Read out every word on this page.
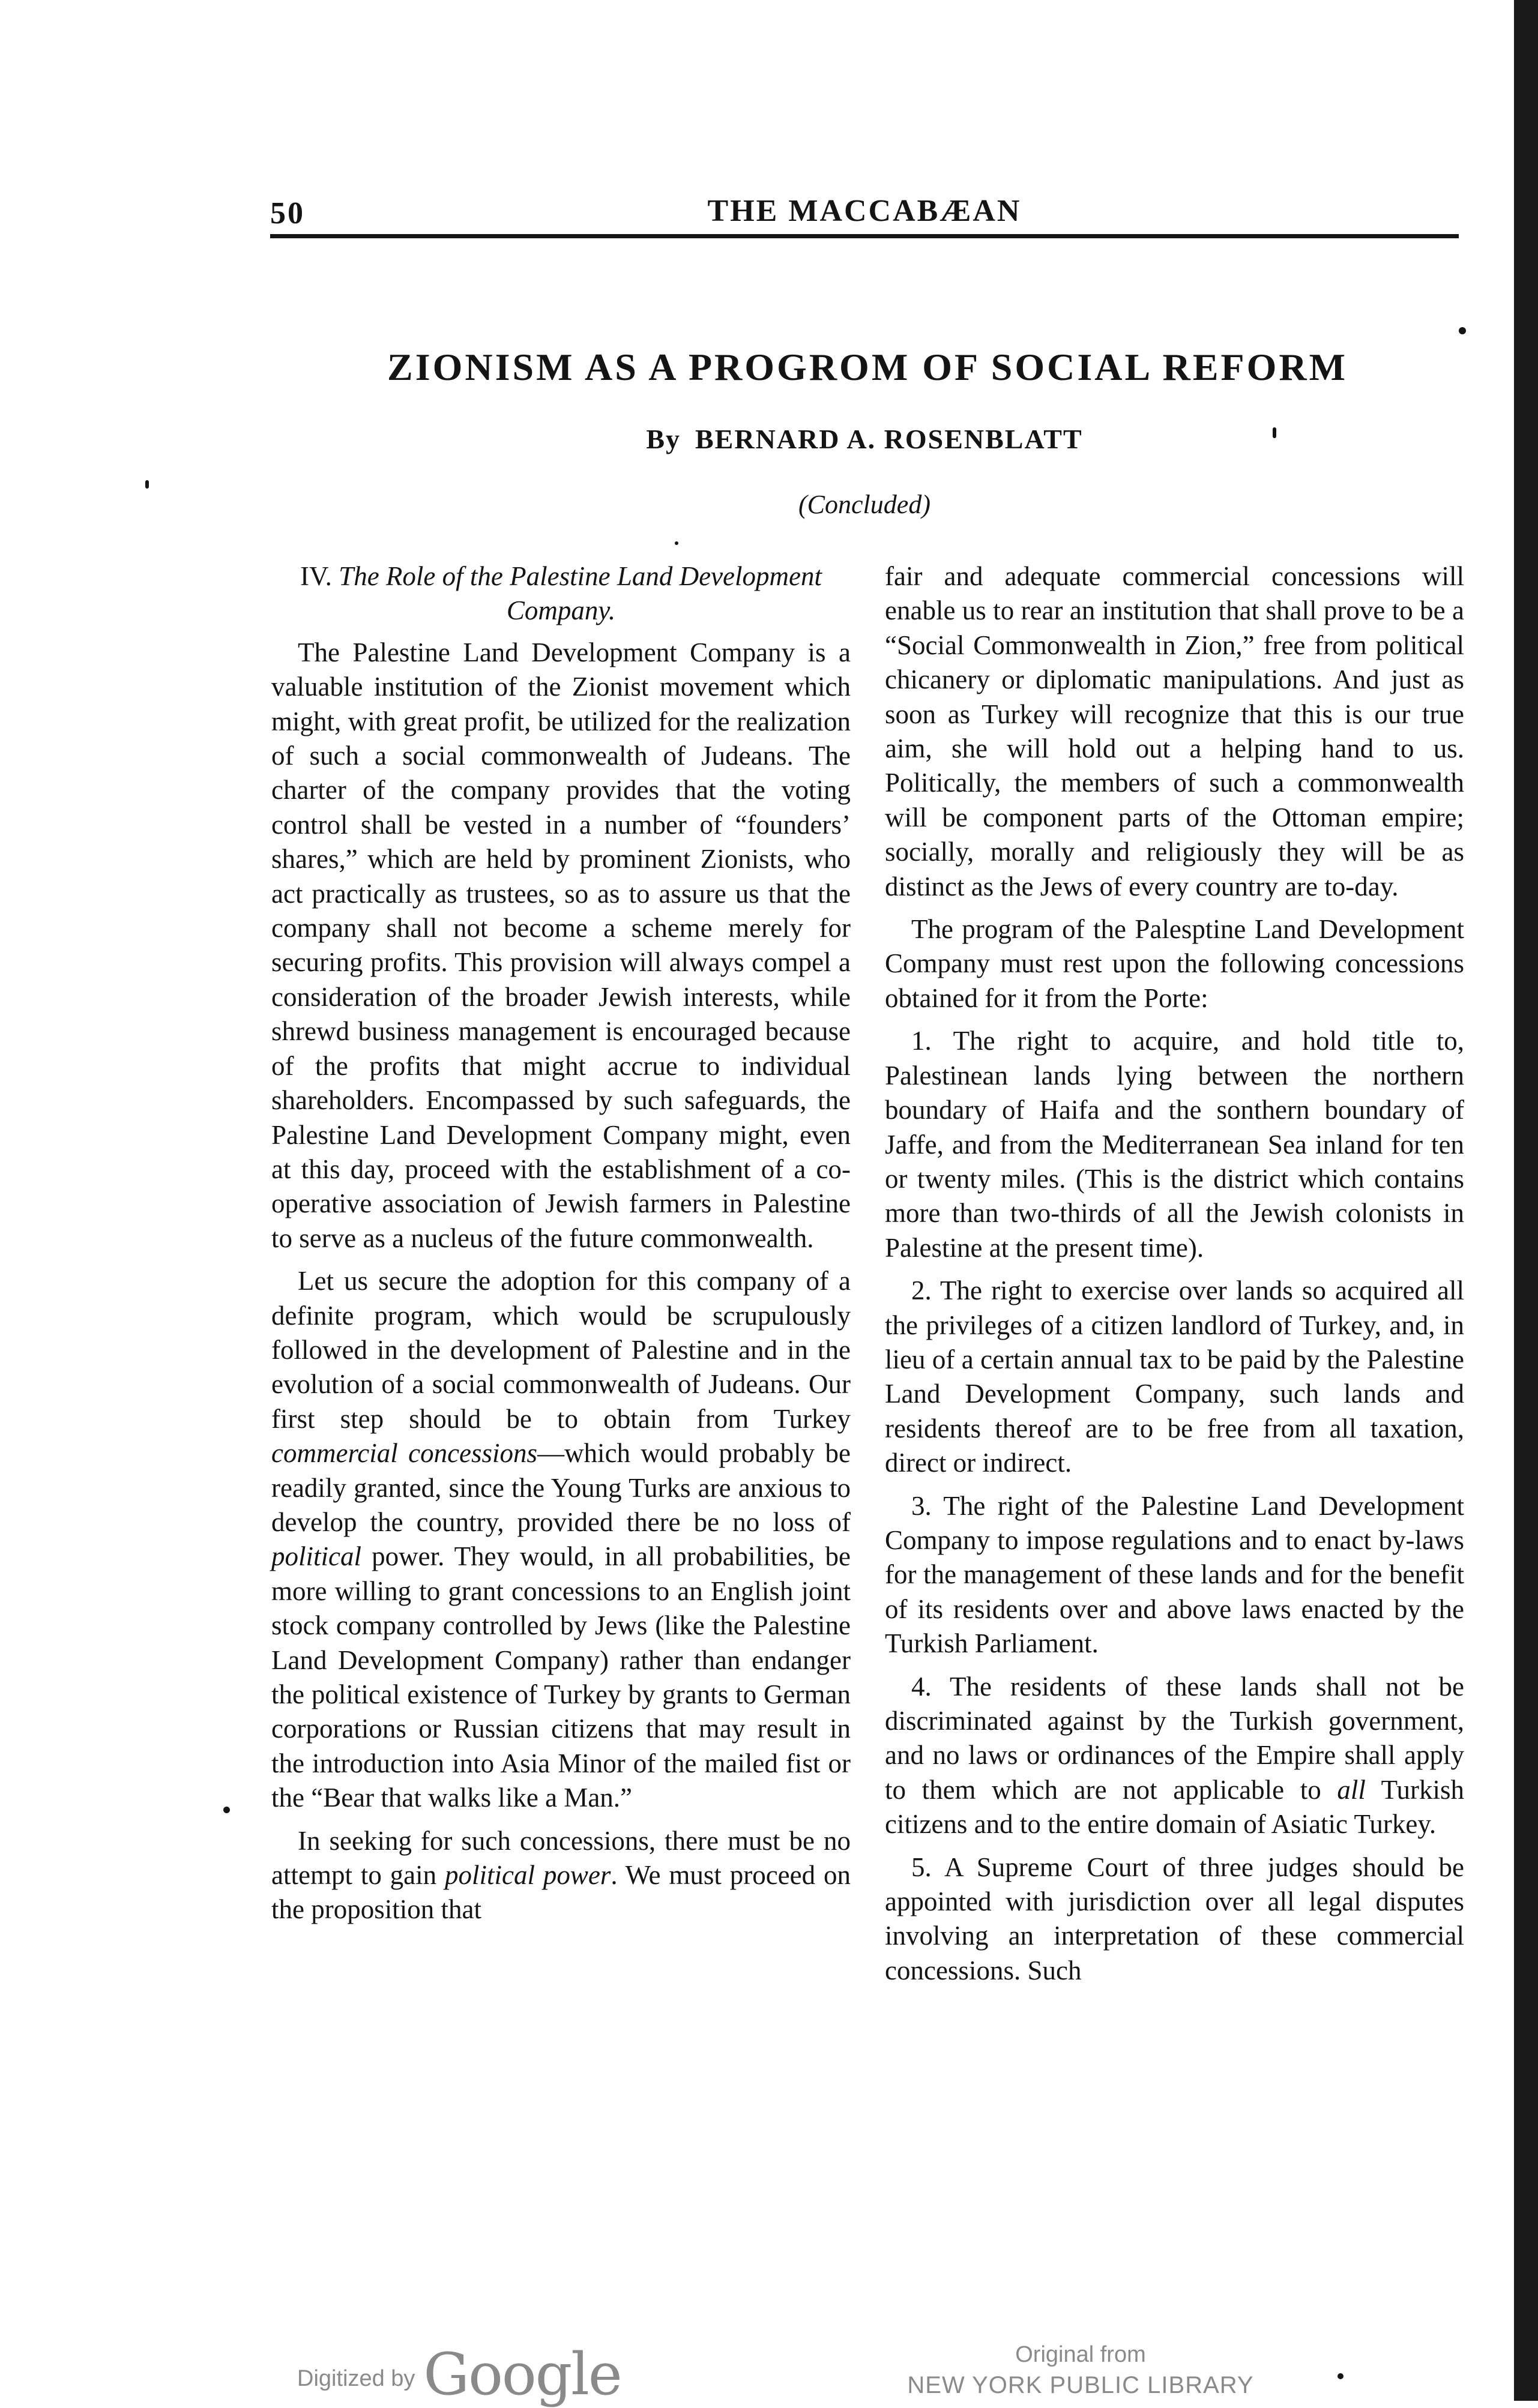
50	THE MACCABÆAN
ZIONISM AS A PROGROM OF SOCIAL REFORM
By BERNARD A. ROSENBLATT
(Concluded)
IV. The Role of the Palestine Land Development Company.

The Palestine Land Development Company is a valuable institution of the Zionist movement which might, with great profit, be utilized for the realization of such a social commonwealth of Judeans. The charter of the company provides that the voting control shall be vested in a number of “founders’ shares,” which are held by prominent Zionists, who act practically as trustees, so as to assure us that the company shall not become a scheme merely for securing profits. This provision will always compel a consideration of the broader Jewish interests, while shrewd business management is encouraged because of the profits that might accrue to individual shareholders. Encompassed by such safeguards, the Palestine Land Development Company might, even at this day, proceed with the establishment of a co-operative association of Jewish farmers in Palestine to serve as a nucleus of the future commonwealth.

Let us secure the adoption for this company of a definite program, which would be scrupulously followed in the development of Palestine and in the evolution of a social commonwealth of Judeans. Our first step should be to obtain from Turkey commercial concessions—which would probably be readily granted, since the Young Turks are anxious to develop the country, provided there be no loss of political power. They would, in all probabilities, be more willing to grant concessions to an English joint stock company controlled by Jews (like the Palestine Land Development Company) rather than endanger the political existence of Turkey by grants to German corporations or Russian citizens that may result in the introduction into Asia Minor of the mailed fist or the “Bear that walks like a Man.”

In seeking for such concessions, there must be no attempt to gain political power. We must proceed on the proposition that

fair and adequate commercial concessions will enable us to rear an institution that shall prove to be a “Social Commonwealth in Zion,” free from political chicanery or diplomatic manipulations. And just as soon as Turkey will recognize that this is our true aim, she will hold out a helping hand to us. Politically, the members of such a commonwealth will be component parts of the Ottoman empire; socially, morally and religiously they will be as distinct as the Jews of every country are to-day.

The program of the Palesptine Land Development Company must rest upon the following concessions obtained for it from the Porte:

1. The right to acquire, and hold title to, Palestinean lands lying between the northern boundary of Haifa and the sonthern boundary of Jaffe, and from the Mediterranean Sea inland for ten or twenty miles. (This is the district which contains more than two-thirds of all the Jewish colonists in Palestine at the present time).

2. The right to exercise over lands so acquired all the privileges of a citizen landlord of Turkey, and, in lieu of a certain annual tax to be paid by the Palestine Land Development Company, such lands and residents thereof are to be free from all taxation, direct or indirect.

3. The right of the Palestine Land Development Company to impose regulations and to enact by-laws for the management of these lands and for the benefit of its residents over and above laws enacted by the Turkish Parliament.

4. The residents of these lands shall not be discriminated against by the Turkish government, and no laws or ordinances of the Empire shall apply to them which are not applicable to all Turkish citizens and to the entire domain of Asiatic Turkey.

5. A Supreme Court of three judges should be appointed with jurisdiction over all legal disputes involving an interpretation of these commercial concessions. Such

Digitized by Google	Original from
NEW YORK PUBLIC LIBRARY
